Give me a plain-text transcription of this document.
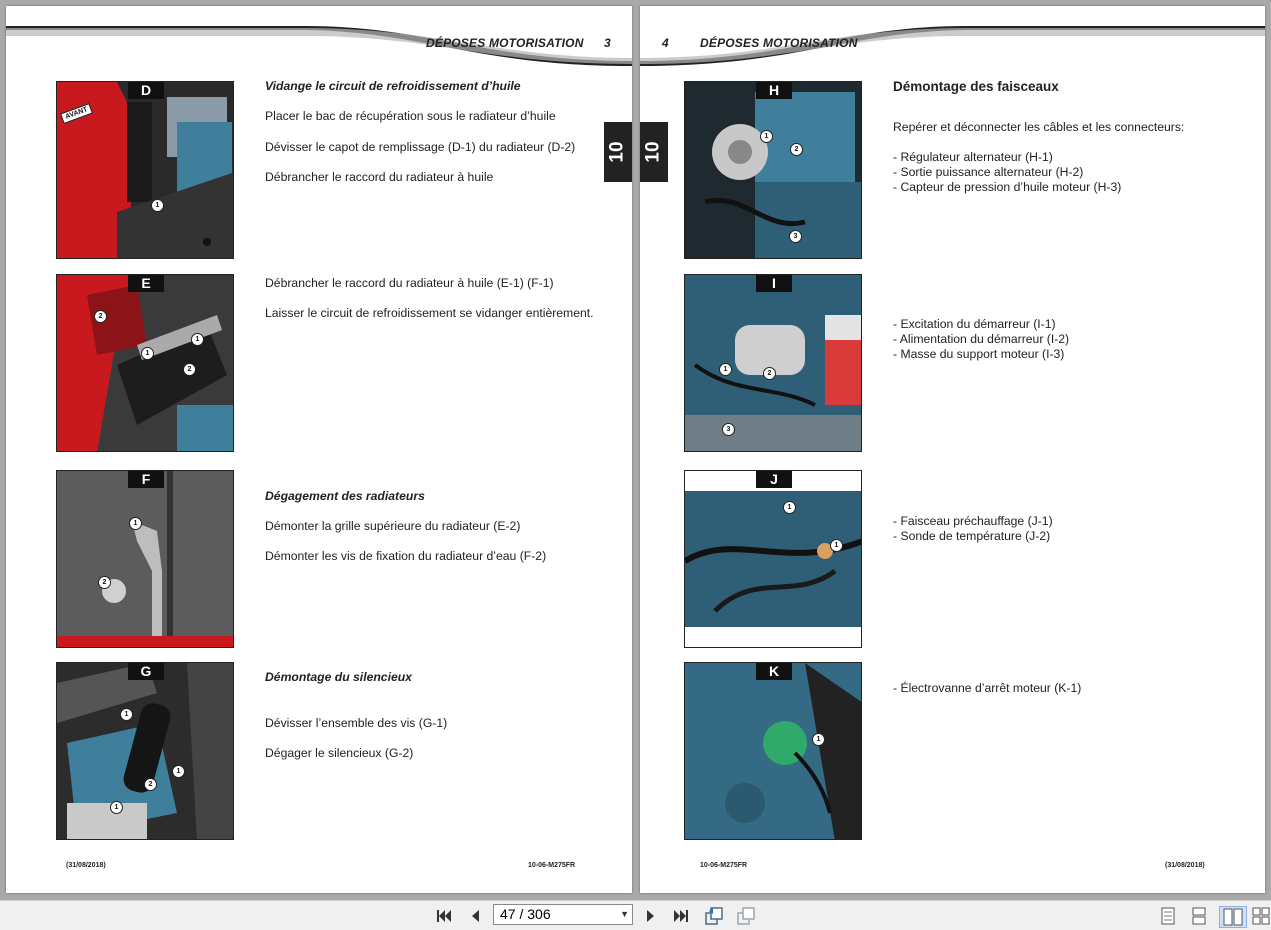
DÉPOSES MOTORISATION 3
10
AVANT
D
1
E
2
1
1
2
F
1
2
G
1
2
1
1
Vidange le circuit de refroidissement d’huile
Placer le bac de récupération sous le radiateur d’huile
Dévisser le capot de remplissage (D-1) du radiateur (D-2)
Débrancher le raccord du radiateur à huile
Débrancher le raccord du radiateur à huile (E-1) (F-1)
Laisser le circuit de refroidissement se vidanger entièrement.
Dégagement des radiateurs
Démonter la grille supérieure du radiateur (E-2)
Démonter les vis de fixation du radiateur d’eau (F-2)
Démontage du silencieux
Dévisser l’ensemble des vis (G-1)
Dégager le silencieux (G-2)
(31/08/2018)	10-06-M275FR
10
4	DÉPOSES MOTORISATION
H
1
2
3
I
1
2
3
J
1
1
K
1
Démontage des faisceaux
Repérer et déconnecter les câbles et les connecteurs:
- Régulateur alternateur (H-1)
- Sortie puissance alternateur (H-2)
- Capteur de pression d’huile moteur (H-3)
- Excitation du démarreur (I-1)
- Alimentation du démarreur (I-2)
- Masse du support moteur (I-3)
- Faisceau préchauffage (J-1)
- Sonde de température (J-2)
- Électrovanne d’arrêt moteur (K-1)
10-06-M275FR	(31/08/2018)
47 / 306	▼
